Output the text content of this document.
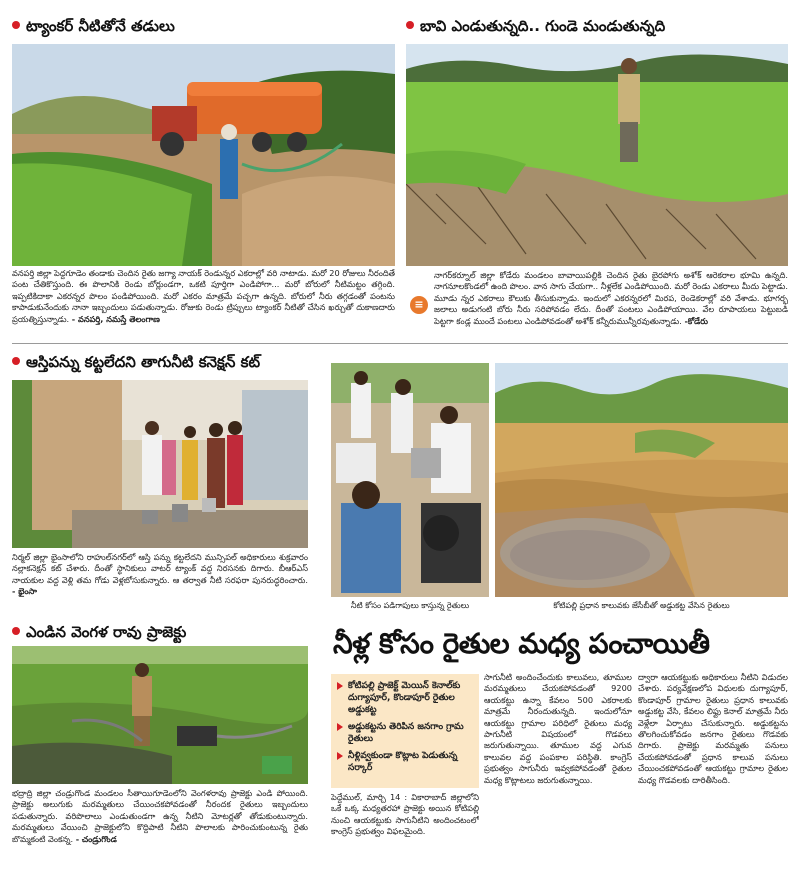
ట్యాంకర్ నీటితోనే తడులు
వనపర్తి జిల్లా పెద్దగూడెం తండాకు చెందిన రైతు జగ్యా నాయక్ రెండున్నర ఎకరాల్లో వరి నాటాడు. మరో 20 రోజులు నీరందితే పంట చేతికొస్తుంది. ఈ పొలానికి రెండు బోర్లుండగా, ఒకటి పూర్తిగా ఎండిపోగా... మరో బోరులో నీటిమట్టం తగ్గింది. ఇప్పటికిదాకా ఎకరన్నర పొలం పండిపోయింది. మరో ఎకరం మాత్రమే పచ్చగా ఉన్నది. బోరులో నీరు తగ్గడంతో పంటను కాపాడుకునేందుకు నానా ఇబ్బందులు పడుతున్నాడు. రోజుకు రెండు ట్రిప్పులు ట్యాంకర్ నీటితో చేసిన ఖర్చుతో దుకాణదారు ప్రయత్నిస్తున్నాడు. - వనపర్తి, నమస్తే తెలంగాణ
బావి ఎండుతున్నది.. గుండె మండుతున్నది
≡
నాగర్‌కర్నూల్ జిల్లా కోడేరు మండలం బావాయిపల్లికి చెందిన రైతు బైరపోగు అశోక్ ఆరెకరాల భూమి ఉన్నది. నాగనూలకొండలో ఉంది పొలం. వాన సాగు చేయగా.. నీళ్లలేక ఎండిపోయింది. మరో రెండు ఎకరాలు మీదు పెట్టాడు. మూడు న్నర ఎకరాలు కౌలుకు తీసుకున్నాడు. ఇందులో ఎకరన్నరలో మిరప, రెండెకరాల్లో వరి వేశాడు. భూగర్భ జలాలు అడుగంటి బోరు నీరు సరిపోవడం లేదు. దీంతో పంటలు ఎండిపోయాయి. వేల రూపాయలు పెట్టుబడి పెట్టగా కండ్ల ముందే పంటలు ఎండిపోవడంతో అశోక్ కన్నీరుమున్నీరవుతున్నాడు. -కోడేరు
ఆస్తిపన్ను కట్టలేదని తాగునీటి కనెక్షన్ కట్
నిర్మల్ జిల్లా భైంసాలోని రాహుల్‌నగర్‌లో ఆస్తి పన్ను కట్టలేదని మున్సిపల్ అధికారులు శుక్రవారం నల్లాకనెక్షన్ కట్ చేశారు. దీంతో స్థానికులు వాటర్ ట్యాంక్ వద్ద నిరసనకు దిగారు. బీఆర్‌ఎస్ నాయకుల వద్ద వెళ్లి తమ గోడు వెళ్లబోసుకున్నారు. ఆ తర్వాత నీటి సరఫరా పునరుద్ధరించారు. - భైంసా
నీటి కోసం పడిగాపులు కాస్తున్న రైతులు	కోటిపల్లి ప్రధాన కాలువకు జేసీబీతో అడ్డుకట్ట వేసిన రైతులు
ఎండిన వెంగళ రావు ప్రాజెక్టు
భద్రాద్రి జిల్లా చండ్రుగొండ మండలం సీతాయిగూడెంలోని వెంగళరావు ప్రాజెక్టు ఎండి పోయింది. ప్రాజెక్టు అలుగుకు మరమ్మతులు చేయించకపోవడంతో నీరందక రైతులు ఇబ్బందులు పడుతున్నారు. వరిపొలాలు ఎండుతుండగా ఉన్న నీటిని మోటర్లతో తోడుకుంటున్నారు. మరమ్మతులు వేయించి ప్రాజెక్టులోని కొద్దిపాటి నీటిని పొలాలకు పారించుకుంటున్న రైతు బొమ్మకంటి వెంకన్న. - చండ్రుగొండ
నీళ్ల కోసం రైతుల మధ్య పంచాయితీ
కోటిపల్లి ప్రాజెక్ట్ మెయిన్ కెనాల్‌కు దుగ్యాపూర్, కొండాపూర్ రైతుల అడ్డుకట్ట
అడ్డుకట్టను తెరిపిన జనగాం గ్రామ రైతులు
నీళ్లివ్వకుండా కొట్లాట పెడుతున్న సర్కార్
పెద్దేముల్, మార్చి 14 : వికారాబాద్ జిల్లాలోని ఒకే ఒక్క మధ్యతరహా ప్రాజెక్టు అయిన కోటిపల్లి నుంచి ఆయకట్టుకు సాగునీటిని అందించటంలో కాంగ్రెస్ ప్రభుత్వం విఫలమైంది.
సాగునీటి అందించేందుకు కాలువలు, తూముల మరమ్మతులు చేయకపోవడంతో 9200 ఆయకట్టు ఉన్నా కేవలం 500 ఎకరాలకు మాత్రమే నీరందుతున్నది. ఇందులోనూ ఆయకట్టు గ్రామాల పరిధిలో రైతులు మధ్య పాగునీటి విషయంలో గొడవలు జరుగుతున్నాయి. తూముల వద్ద ఎగువ కాలువల వద్ద పంపకాల పరిస్థితి. కాంగ్రెస్ ప్రభుత్వం సాగునీరు ఇవ్వకపోవడంతో రైతుల మధ్య కొట్లాటలు జరుగుతున్నాయి.
ద్వారా ఆయకట్టుకు అధికారులు నీటిని విడుదల చేశారు. పర్యవేక్షణలోప విధులకు దుగ్యాపూర్, కొండాపూర్ గ్రామాల రైతులు ప్రధాన కాలువకు అడ్డుకట్ట వేసి, కేవలం లిఫ్టు కెనాల్ మాత్రమే నీరు వెళ్లేలా ఏర్పాటు చేసుకున్నారు. అడ్డుకట్టను తొలగించుకోవడం జనగాం రైతులు గొడవకు దిగారు. ప్రాజెక్టు మరమ్మతు పనులు చేయకపోవడంతో ప్రధాన కాలువ పనులు చేయించకపోవడంతో ఆయకట్టు గ్రామాల రైతుల మధ్య గొడవలకు దారితీసింది.
